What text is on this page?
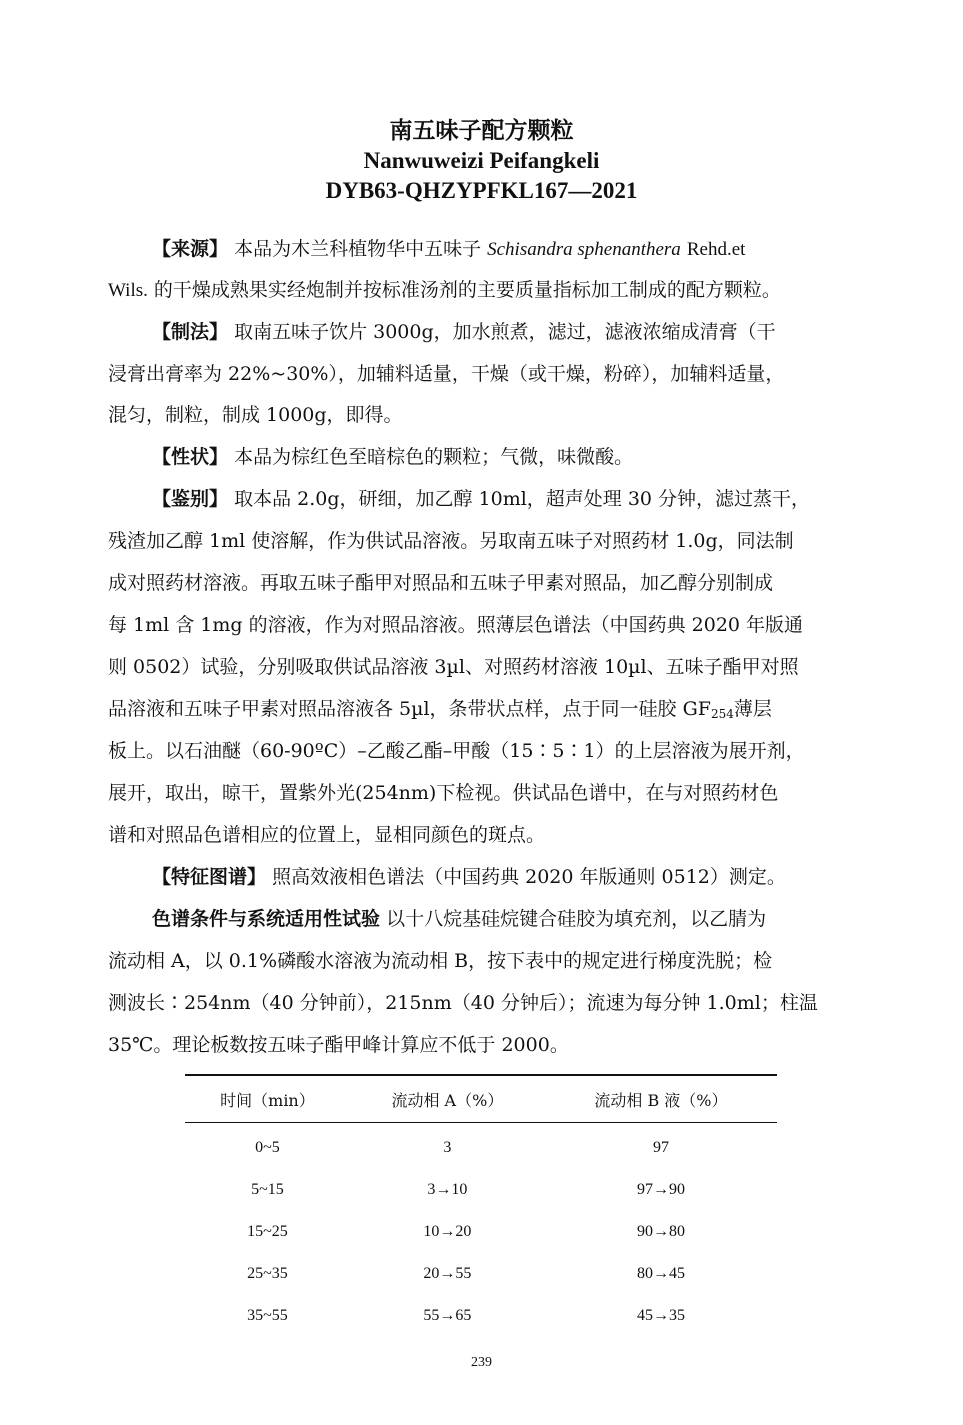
南五味子配方颗粒
Nanwuweizi Peifangkeli
DYB63-QHZYPFKL167—2021
【来源】 本品为木兰科植物华中五味子 Schisandra sphenanthera Rehd.et
Wils. 的干燥成熟果实经炮制并按标准汤剂的主要质量指标加工制成的配方颗粒。
【制法】 取南五味子饮片 3000g，加水煎煮，滤过，滤液浓缩成清膏（干
浸膏出膏率为 22%~30%），加辅料适量，干燥（或干燥，粉碎），加辅料适量，
混匀，制粒，制成 1000g，即得。
【性状】 本品为棕红色至暗棕色的颗粒；气微，味微酸。
【鉴别】 取本品 2.0g，研细，加乙醇 10ml，超声处理 30 分钟，滤过蒸干，
残渣加乙醇 1ml 使溶解，作为供试品溶液。另取南五味子对照药材 1.0g，同法制
成对照药材溶液。再取五味子酯甲对照品和五味子甲素对照品，加乙醇分别制成
每 1ml 含 1mg 的溶液，作为对照品溶液。照薄层色谱法（中国药典 2020 年版通
则 0502）试验，分别吸取供试品溶液 3µl、对照药材溶液 10µl、五味子酯甲对照
品溶液和五味子甲素对照品溶液各 5µl，条带状点样，点于同一硅胶 $GF_{254}$薄层
板上。以石油醚（60-90ºC）–乙酸乙酯–甲酸（15∶5∶1）的上层溶液为展开剂，
展开，取出，晾干，置紫外光(254nm)下检视。供试品色谱中，在与对照药材色
谱和对照品色谱相应的位置上，显相同颜色的斑点。
【特征图谱】 照高效液相色谱法（中国药典 2020 年版通则 0512）测定。
色谱条件与系统适用性试验 以十八烷基硅烷键合硅胶为填充剂，以乙腈为
流动相 A，以 0.1%磷酸水溶液为流动相 B，按下表中的规定进行梯度洗脱；检
测波长∶254nm（40 分钟前），215nm（40 分钟后）；流速为每分钟 1.0ml；柱温
35℃。理论板数按五味子酯甲峰计算应不低于 2000。
时间（min）	流动相 A（%）	流动相 B 液（%）
0~5	3	97
5~15	3→10	97→90
15~25	10→20	90→80
25~35	20→55	80→45
35~55	55→65	45→35
239
